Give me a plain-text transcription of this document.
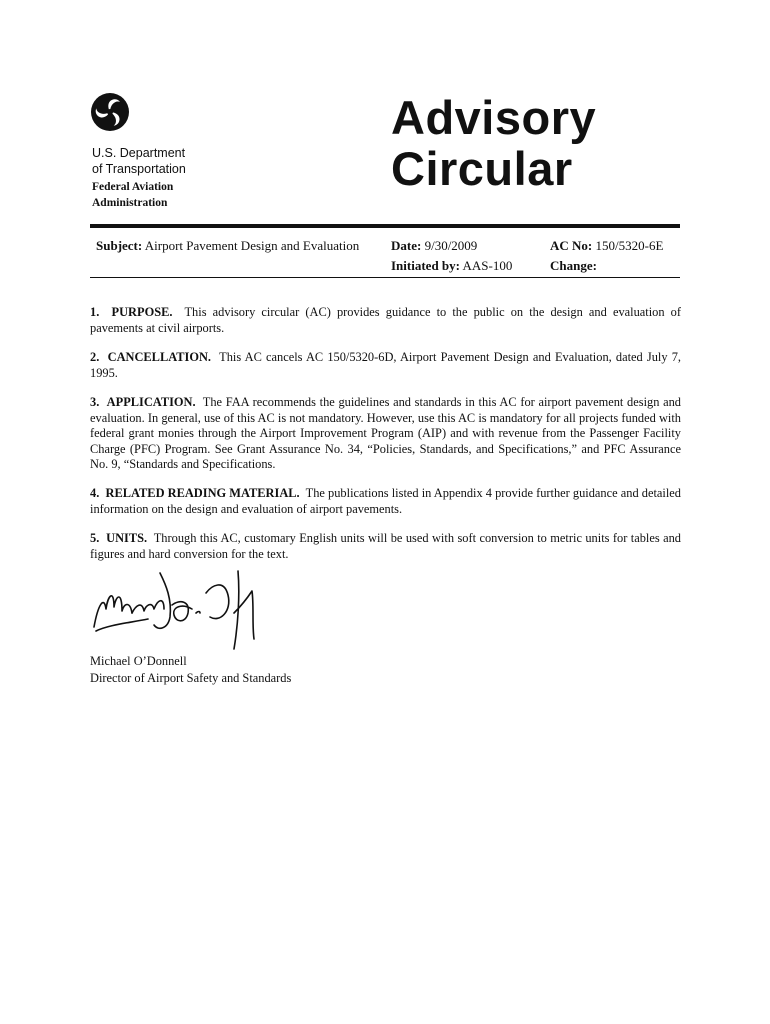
U.S. Department
of Transportation
Federal Aviation
Administration
Advisory
Circular
Subject: Airport Pavement Design and Evaluation	Date: 9/30/2009
Initiated by: AAS-100
AC No: 150/5320-6E
Change:
1.  PURPOSE. This advisory circular (AC) provides guidance to the public on the design and evaluation of pavements at civil airports.
2.  CANCELLATION. This AC cancels AC 150/5320-6D, Airport Pavement Design and Evaluation, dated July 7, 1995.
3.  APPLICATION. The FAA recommends the guidelines and standards in this AC for airport pavement design and evaluation. In general, use of this AC is not mandatory. However, use this AC is mandatory for all projects funded with federal grant monies through the Airport Improvement Program (AIP) and with revenue from the Passenger Facility Charge (PFC) Program. See Grant Assurance No. 34, “Policies, Standards, and Specifications,” and PFC Assurance No. 9, “Standards and Specifications.
4.  RELATED READING MATERIAL. The publications listed in Appendix 4 provide further guidance and detailed information on the design and evaluation of airport pavements.
5.  UNITS. Through this AC, customary English units will be used with soft conversion to metric units for tables and figures and hard conversion for the text.
Michael O’Donnell
Director of Airport Safety and Standards
